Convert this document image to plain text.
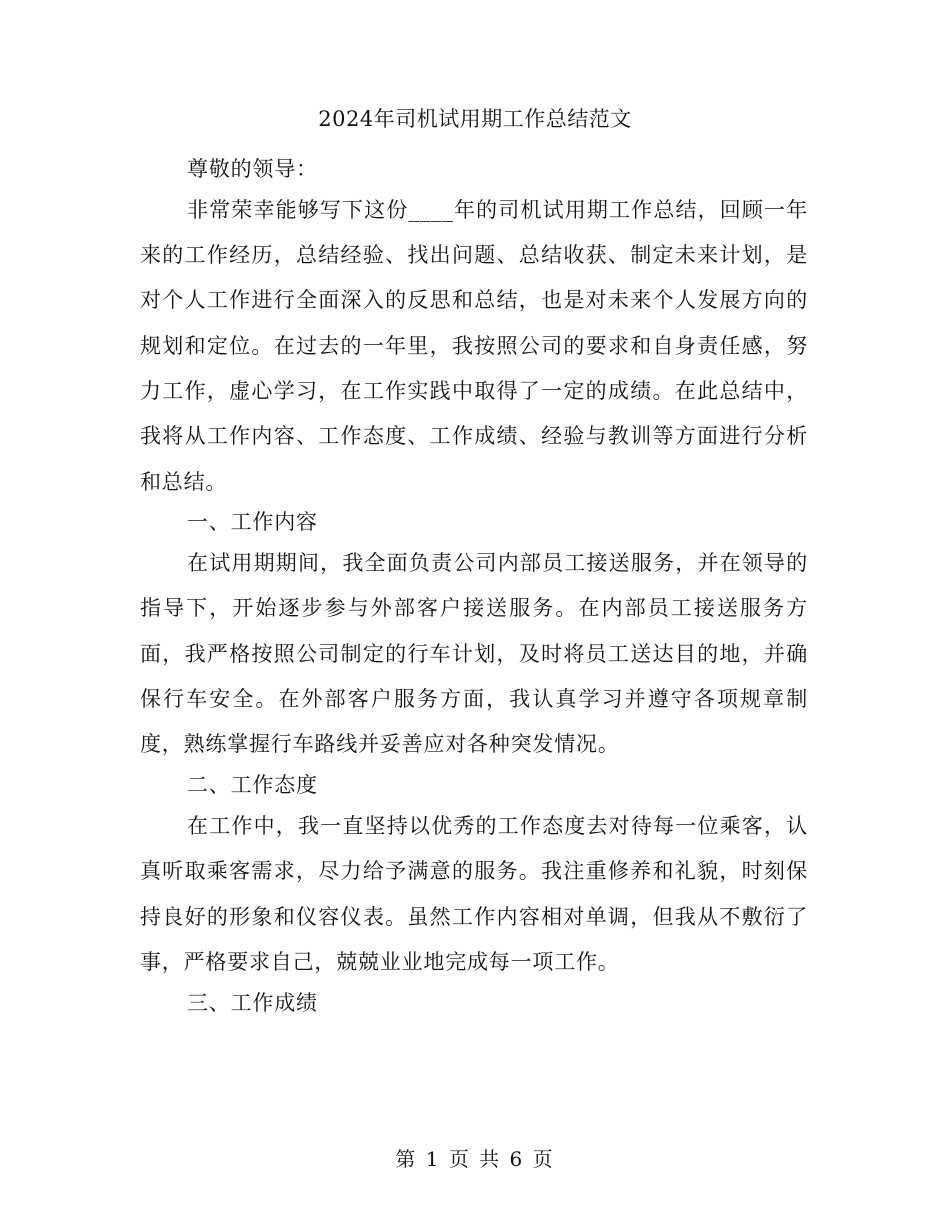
2024年司机试用期工作总结范文

尊敬的领导：

非常荣幸能够写下这份____年的司机试用期工作总结，回顾一年来的工作经历，总结经验、找出问题、总结收获、制定未来计划，是对个人工作进行全面深入的反思和总结，也是对未来个人发展方向的规划和定位。在过去的一年里，我按照公司的要求和自身责任感，努力工作，虚心学习，在工作实践中取得了一定的成绩。在此总结中，我将从工作内容、工作态度、工作成绩、经验与教训等方面进行分析和总结。

一、工作内容

在试用期期间，我全面负责公司内部员工接送服务，并在领导的指导下，开始逐步参与外部客户接送服务。在内部员工接送服务方面，我严格按照公司制定的行车计划，及时将员工送达目的地，并确保行车安全。在外部客户服务方面，我认真学习并遵守各项规章制度，熟练掌握行车路线并妥善应对各种突发情况。

二、工作态度

在工作中，我一直坚持以优秀的工作态度去对待每一位乘客，认真听取乘客需求，尽力给予满意的服务。我注重修养和礼貌，时刻保持良好的形象和仪容仪表。虽然工作内容相对单调，但我从不敷衍了事，严格要求自己，兢兢业业地完成每一项工作。

三、工作成绩

第 1 页 共 6 页
